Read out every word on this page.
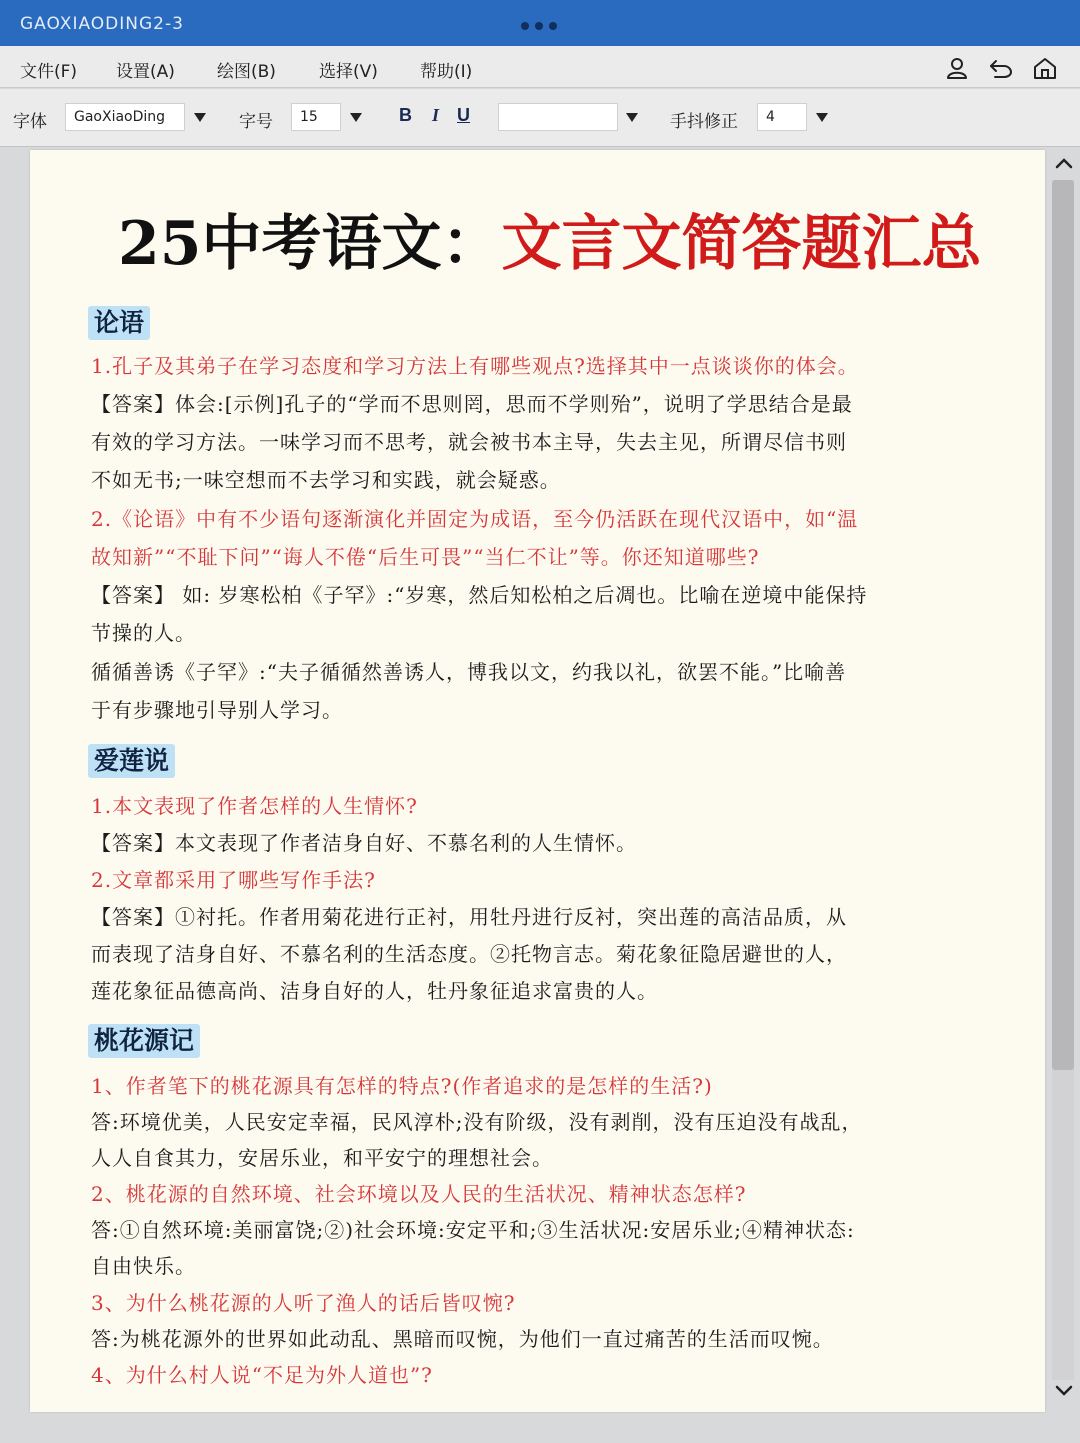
GAOXIAODING2-3
文件(F) 设置(A) 绘图(B)	选择(V) 帮助(I)
字体	GaoXiaoDing	字号	15	B I U	手抖修正	4
25中考语文：文言文简答题汇总
论语
爱莲说
桃花源记
1.孔子及其弟子在学习态度和学习方法上有哪些观点?选择其中一点谈谈你的体会。
【答案】体会:[示例]孔子的“学而不思则罔，思而不学则殆”，说明了学思结合是最
有效的学习方法。一味学习而不思考，就会被书本主导，失去主见，所谓尽信书则
不如无书;一味空想而不去学习和实践，就会疑惑。
2.《论语》中有不少语句逐渐演化并固定为成语，至今仍活跃在现代汉语中，如“温
故知新”“不耻下问”“诲人不倦“后生可畏”“当仁不让”等。你还知道哪些?
【答案】 如: 岁寒松柏《子罕》:“岁寒，然后知松柏之后凋也。比喻在逆境中能保持
节操的人。
循循善诱《子罕》:“夫子循循然善诱人，博我以文，约我以礼，欲罢不能。”比喻善
于有步骤地引导别人学习。
1.本文表现了作者怎样的人生情怀?
【答案】本文表现了作者洁身自好、不慕名利的人生情怀。
2.文章都采用了哪些写作手法?
【答案】①衬托。作者用菊花进行正衬，用牡丹进行反衬，突出莲的高洁品质，从
而表现了洁身自好、不慕名利的生活态度。②托物言志。菊花象征隐居避世的人，
莲花象征品德高尚、洁身自好的人，牡丹象征追求富贵的人。
1、作者笔下的桃花源具有怎样的特点?(作者追求的是怎样的生活?)
答:环境优美，人民安定幸福，民风淳朴;没有阶级，没有剥削，没有压迫没有战乱，
人人自食其力，安居乐业，和平安宁的理想社会。
2、桃花源的自然环境、社会环境以及人民的生活状况、精神状态怎样?
答:①自然环境:美丽富饶;②)社会环境:安定平和;③生活状况:安居乐业;④精神状态:
自由快乐。
3、为什么桃花源的人听了渔人的话后皆叹惋?
答:为桃花源外的世界如此动乱、黑暗而叹惋，为他们一直过痛苦的生活而叹惋。
4、为什么村人说“不足为外人道也”?
